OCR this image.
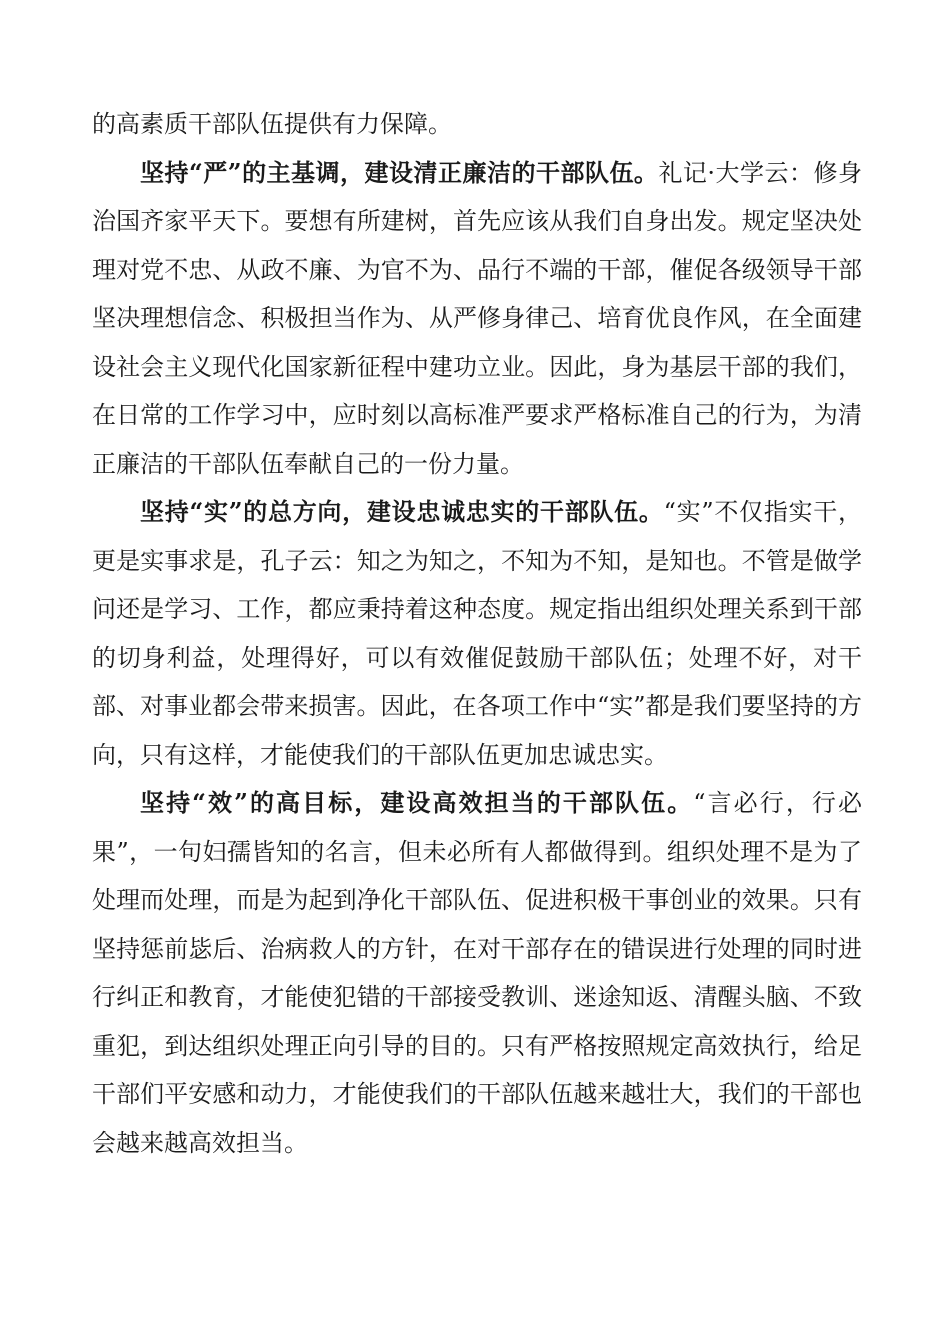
的高素质干部队伍提供有力保障。

坚持“严”的主基调，建设清正廉洁的干部队伍。礼记·大学云：修身治国齐家平天下。要想有所建树，首先应该从我们自身出发。规定坚决处理对党不忠、从政不廉、为官不为、品行不端的干部，催促各级领导干部坚决理想信念、积极担当作为、从严修身律己、培育优良作风，在全面建设社会主义现代化国家新征程中建功立业。因此，身为基层干部的我们，在日常的工作学习中，应时刻以高标准严要求严格标准自己的行为，为清正廉洁的干部队伍奉献自己的一份力量。

坚持“实”的总方向，建设忠诚忠实的干部队伍。“实”不仅指实干，更是实事求是，孔子云：知之为知之，不知为不知，是知也。不管是做学问还是学习、工作，都应秉持着这种态度。规定指出组织处理关系到干部的切身利益，处理得好，可以有效催促鼓励干部队伍；处理不好，对干部、对事业都会带来损害。因此，在各项工作中“实”都是我们要坚持的方向，只有这样，才能使我们的干部队伍更加忠诚忠实。

坚持“效”的高目标，建设高效担当的干部队伍。“言必行，行必果”，一句妇孺皆知的名言，但未必所有人都做得到。组织处理不是为了处理而处理，而是为起到净化干部队伍、促进积极干事创业的效果。只有坚持惩前毖后、治病救人的方针，在对干部存在的错误进行处理的同时进行纠正和教育，才能使犯错的干部接受教训、迷途知返、清醒头脑、不致重犯，到达组织处理正向引导的目的。只有严格按照规定高效执行，给足干部们平安感和动力，才能使我们的干部队伍越来越壮大，我们的干部也会越来越高效担当。
